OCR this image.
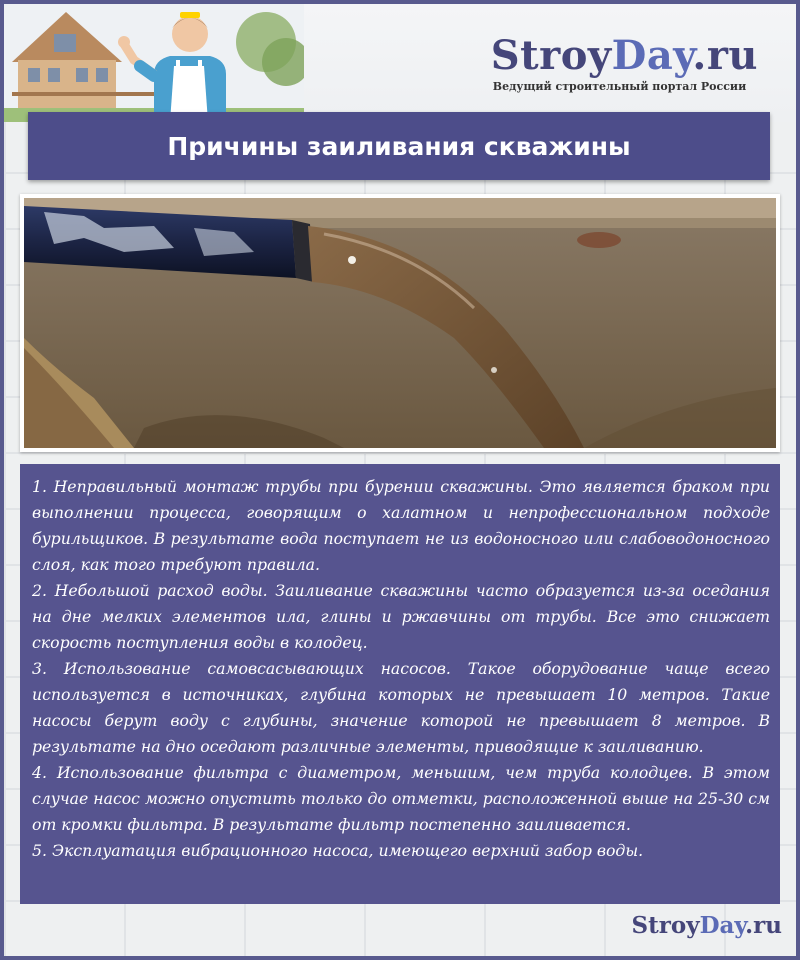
StroyDay.ru
Ведущий строительный портал России
Причины заиливания скважины

1. Неправильный монтаж трубы при бурении скважины. Это является браком при выполнении процесса, говорящим о халатном и непрофессиональном подходе бурильщиков. В результате вода поступает не из водоносного или слабоводоносного слоя, как того требуют правила.

2. Небольшой расход воды. Заиливание скважины часто образуется из-за оседания на дне мелких элементов ила, глины и ржавчины от трубы. Все это снижает скорость поступления воды в колодец.

3. Использование самовсасывающих насосов. Такое оборудование чаще всего используется в источниках, глубина которых не превышает 10 метров. Такие насосы берут воду с глубины, значение которой не превышает 8 метров. В результате на дно оседают различные элементы, приводящие к заиливанию.

4. Использование фильтра с диаметром, меньшим, чем труба колодцев. В этом случае насос можно опустить только до отметки, расположенной выше на 25-30 см от кромки фильтра. В результате фильтр постепенно заиливается.

5. Эксплуатация вибрационного насоса, имеющего верхний забор воды.

StroyDay.ru
